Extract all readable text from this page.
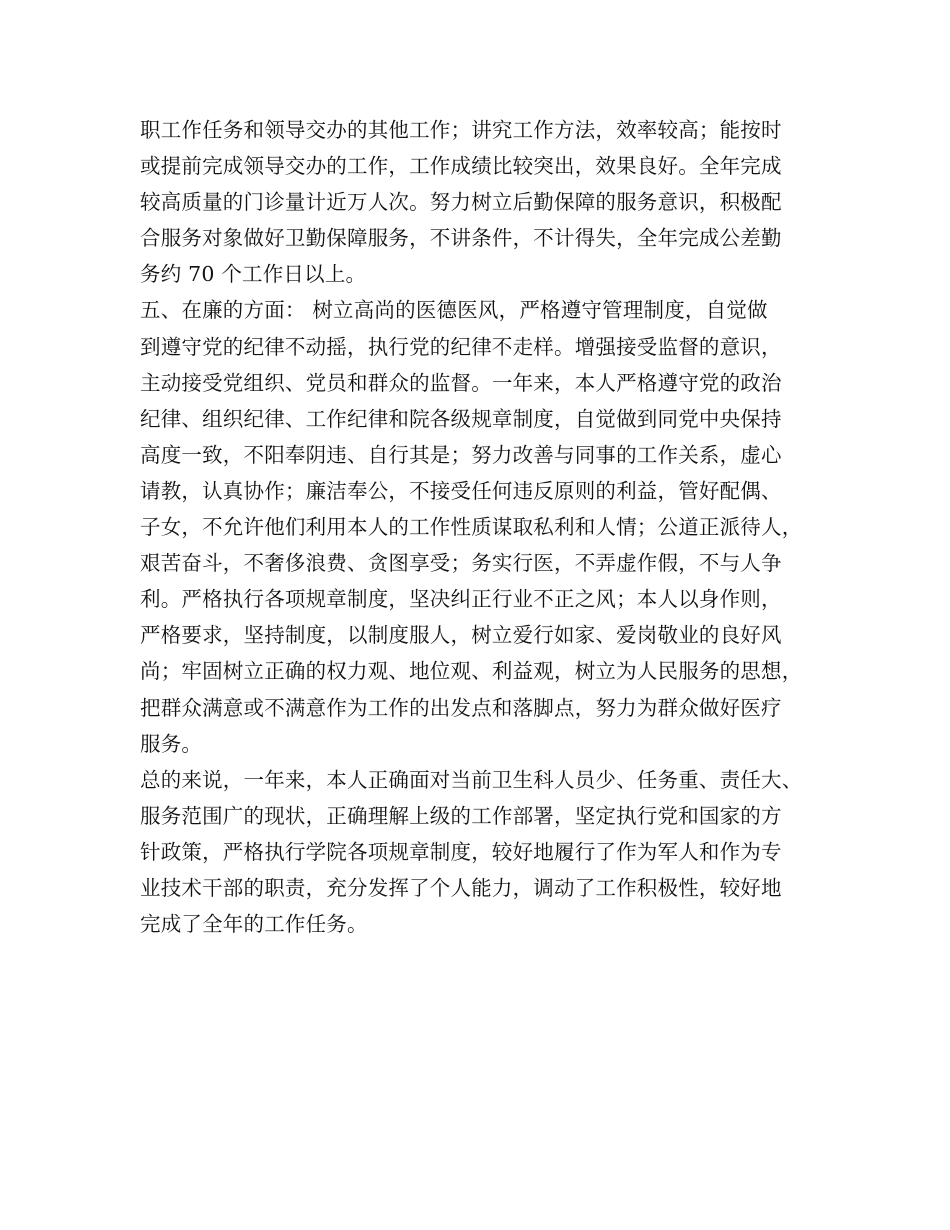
职工作任务和领导交办的其他工作；讲究工作方法，效率较高；能按时
或提前完成领导交办的工作，工作成绩比较突出，效果良好。全年完成
较高质量的门诊量计近万人次。努力树立后勤保障的服务意识，积极配
合服务对象做好卫勤保障服务，不讲条件，不计得失，全年完成公差勤
务约 70 个工作日以上。
五、在廉的方面： 树立高尚的医德医风，严格遵守管理制度，自觉做
到遵守党的纪律不动摇，执行党的纪律不走样。增强接受监督的意识，
主动接受党组织、党员和群众的监督。一年来，本人严格遵守党的政治
纪律、组织纪律、工作纪律和院各级规章制度，自觉做到同党中央保持
高度一致，不阳奉阴违、自行其是；努力改善与同事的工作关系，虚心
请教，认真协作；廉洁奉公，不接受任何违反原则的利益，管好配偶、
子女，不允许他们利用本人的工作性质谋取私利和人情；公道正派待人，
艰苦奋斗，不奢侈浪费、贪图享受；务实行医，不弄虚作假，不与人争
利。严格执行各项规章制度，坚决纠正行业不正之风；本人以身作则，
严格要求，坚持制度，以制度服人，树立爱行如家、爱岗敬业的良好风
尚；牢固树立正确的权力观、地位观、利益观，树立为人民服务的思想，
把群众满意或不满意作为工作的出发点和落脚点，努力为群众做好医疗
服务。
总的来说，一年来，本人正确面对当前卫生科人员少、任务重、责任大、
服务范围广的现状，正确理解上级的工作部署，坚定执行党和国家的方
针政策，严格执行学院各项规章制度，较好地履行了作为军人和作为专
业技术干部的职责，充分发挥了个人能力，调动了工作积极性，较好地
完成了全年的工作任务。
